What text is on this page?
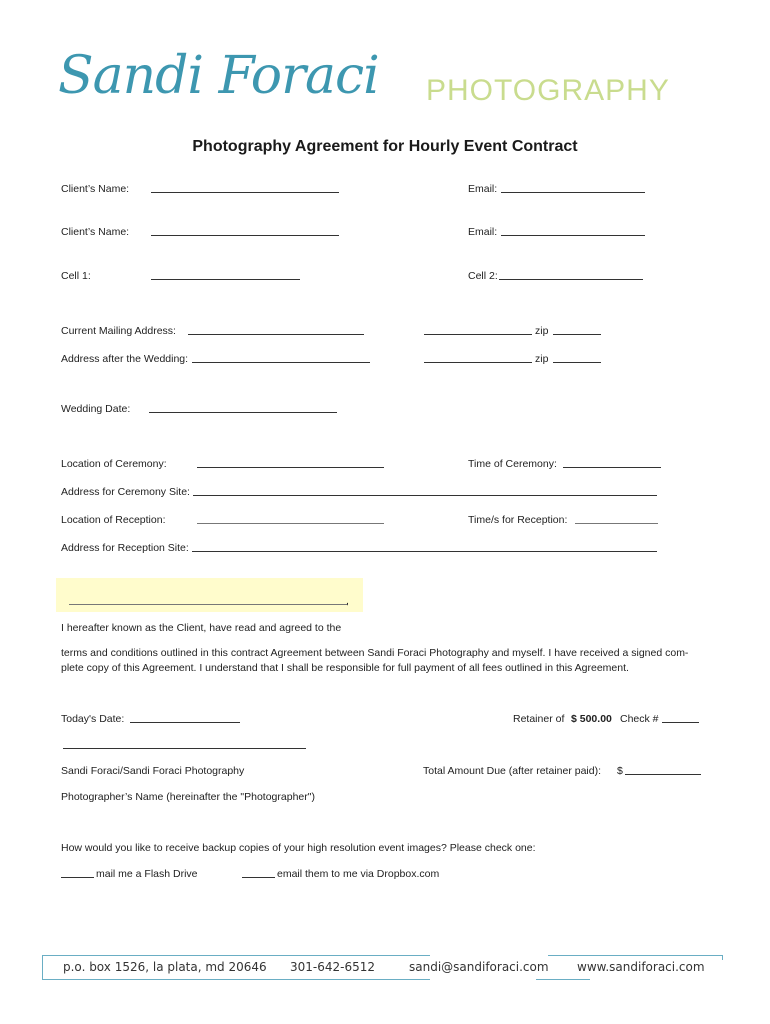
Sandi Foraci PHOTOGRAPHY
Photography Agreement for Hourly Event Contract
Client’s Name:	Email:
Client’s Name:	Email:
Cell 1:	Cell 2:
Current Mailing Address:	zip
Address after the Wedding:	zip
Wedding Date:
Location of Ceremony:	Time of Ceremony:
Address for Ceremony Site:
Location of Reception:	Time/s for Reception:
Address for Reception Site:
,
I hereafter known as the Client, have read and agreed to the
terms and conditions outlined in this contract Agreement between Sandi Foraci Photography and myself. I have received a signed com-
plete copy of this Agreement. I understand that I shall be responsible for full payment of all fees outlined in this Agreement.
Today's Date:	Retainer of $ 500.00 Check #
Sandi Foraci/Sandi Foraci Photography	Total Amount Due (after retainer paid): $
Photographer’s Name (hereinafter the "Photographer")
How would you like to receive backup copies of your high resolution event images? Please check one:
mail me a Flash Drive	email them to me via Dropbox.com
p.o. box 1526, la plata, md 20646 301-642-6512	sandi@sandiforaci.com www.sandiforaci.com
